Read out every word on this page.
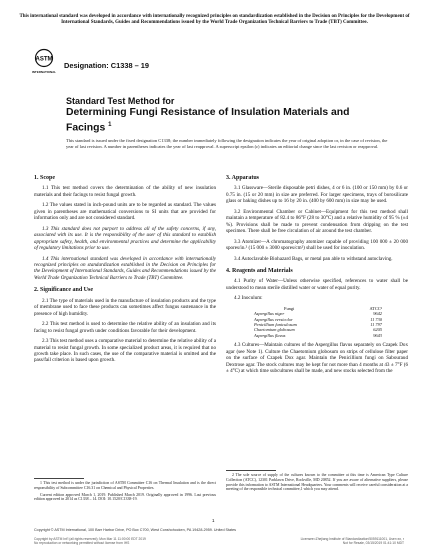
This international standard was developed in accordance with internationally recognized principles on standardization established in the Decision on Principles for the Development of International Standards, Guides and Recommendations issued by the World Trade Organization Technical Barriers to Trade (TBT) Committee.
ASTM
INTERNATIONAL
Designation: C1338 – 19
Standard Test Method for
Determining Fungi Resistance of Insulation Materials and
Facings $^1$
This standard is issued under the fixed designation C1338; the number immediately following the designation indicates the year of original adoption or, in the case of revision, the year of last revision. A number in parentheses indicates the year of last reapproval. A superscript epsilon (ε) indicates an editorial change since the last revision or reapproval.
1. Scope

1.1 This test method covers the determination of the ability of new insulation materials and their facings to resist fungal growth.

1.2 The values stated in inch-pound units are to be regarded as standard. The values given in parentheses are mathematical conversions to SI units that are provided for information only and are not considered standard.

1.3 This standard does not purport to address all of the safety concerns, if any, associated with its use. It is the responsibility of the user of this standard to establish appropriate safety, health, and environmental practices and determine the applicability of regulatory limitations prior to use.

1.4 This international standard was developed in accordance with internationally recognized principles on standardization established in the Decision on Principles for the Development of International Standards, Guides and Recommendations issued by the World Trade Organization Technical Barriers to Trade (TBT) Committee.

2. Significance and Use

2.1 The type of materials used in the manufacture of insulation products and the type of membrane used to face these products can sometimes affect fungus sustenance in the presence of high humidity.

2.2 This test method is used to determine the relative ability of an insulation and its facing to resist fungal growth under conditions favorable for their development.

2.3 This test method uses a comparative material to determine the relative ability of a material to resist fungal growth. In some specialized product areas, it is required that no growth take place. In such cases, the use of the comparative material is omitted and the pass/fail criterion is based upon growth.

1 This test method is under the jurisdiction of ASTM Committee C16 on Thermal Insulation and is the direct responsibility of Subcommittee C16.31 on Chemical and Physical Properties.

Current edition approved March 1, 2019. Published March 2019. Originally approved in 1996. Last previous edition approved in 2014 as C1338 – 14. DOI: 10.1520/C1338-19.

3. Apparatus

3.1 Glassware—Sterile disposable petri dishes, 4 or 6 in. (100 or 150 mm) by 0.6 or 0.75 in. (15 or 20 mm) in size are preferred. For larger specimens, trays of borosilicate glass or baking dishes up to 16 by 20 in. (400 by 600 mm) in size may be used.

3.2 Environmental Chamber or Cabinet—Equipment for this test method shall maintain a temperature of 82.4 to 86°F (28 to 30°C) and a relative humidity of 95 % (±4 %). Provisions shall be made to prevent condensation from dripping on the test specimen. There shall be free circulation of air around the test chamber.

3.3 Atomizer—A chromatography atomizer capable of providing 100 000 ± 20 000 spores/in.² (15 000 ± 3000 spores/cm²) shall be used for inoculation.

3.4 Autoclavable Biohazard Bags, or metal pan able to withstand autoclaving.

4. Reagents and Materials

4.1 Purity of Water—Unless otherwise specified, references to water shall be understood to mean sterile distilled water or water of equal purity.

4.2 Inoculum:

Fungi	ATCC²
Aspergillus niger	9642
Aspergillus versicolor	11 730
Penicillium funiculosum	11 797
Chaetomium globosum	6205
Aspergillus flavus	9643

4.3 Cultures—Maintain cultures of the Aspergillus flavus separately on Czapek Dox agar (see Note 1). Culture the Chaetomium globosum on strips of cellulose filter paper on the surface of Czapek Dox agar. Maintain the Penicillium fungi on Sabouraud Dextrose agar. The stock cultures may be kept for not more than 4 months at 43 ± 7°F (6 ± 4°C) at which time subcultures shall be made, and new stocks selected from the

2 The sole source of supply of the cultures known to the committee at this time is American Type Culture Collection (ATCC), 12301 Parklawn Drive, Rockville, MD 20852. If you are aware of alternative suppliers, please provide this information to ASTM International Headquarters. Your comments will receive careful consideration at a meeting of the responsible technical committee,1 which you may attend.

1
Copyright © ASTM International, 100 Barr Harbor Drive, PO Box C700, West Conshohocken, PA 19428-2959. United States
Copyright by ASTM Int'l (all rights reserved); Mon Mar 11 11:00:00 EDT 2019
No reproduction or networking permitted without license from IHS
Licensee=Zhejiang Institute of Standardization/5059111001, User=xx, r
Not for Resale, 03/15/2019 01:41:10 MDT
